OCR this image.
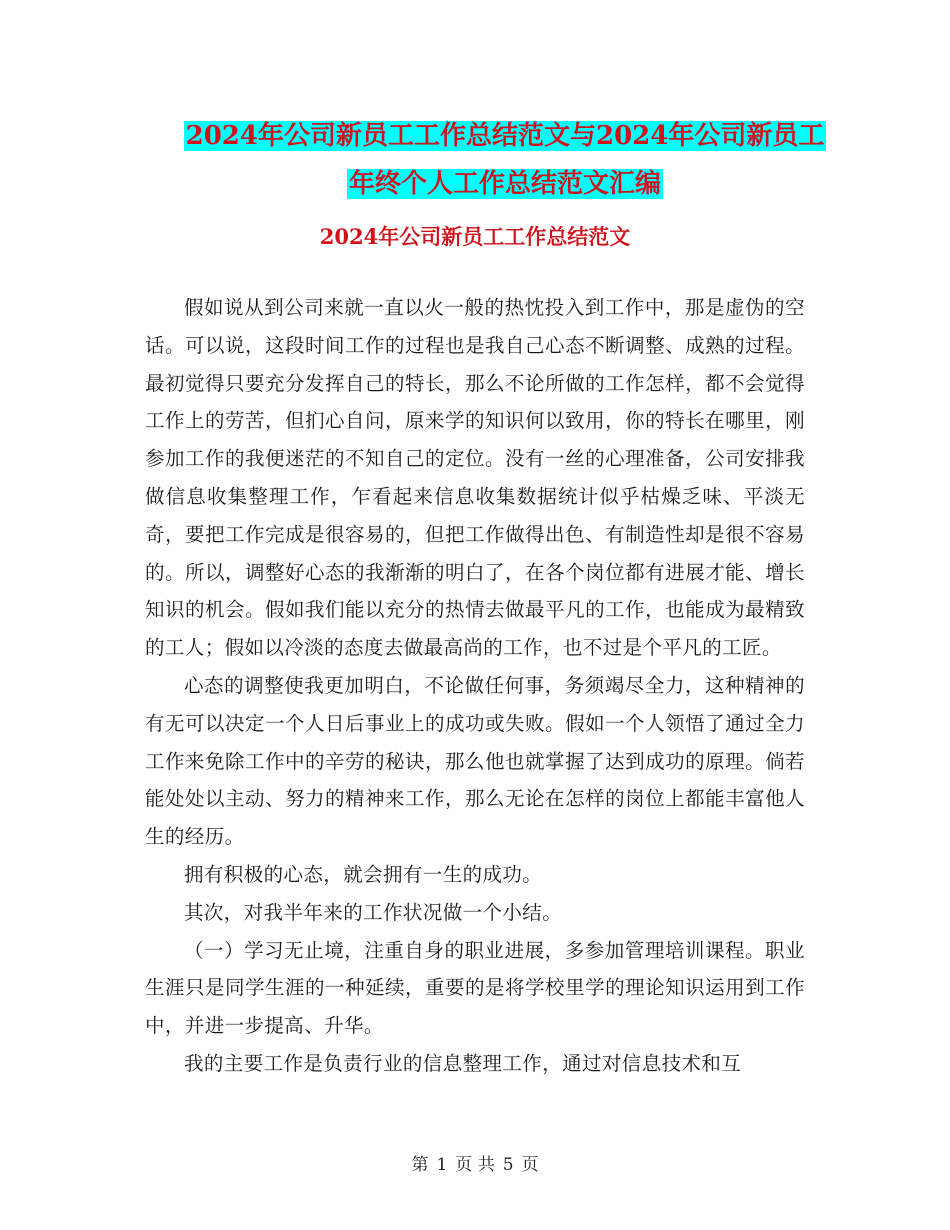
2024年公司新员工工作总结范文与2024年公司新员工
年终个人工作总结范文汇编
2024年公司新员工工作总结范文

假如说从到公司来就一直以火一般的热忱投入到工作中，那是虚伪的空话。可以说，这段时间工作的过程也是我自己心态不断调整、成熟的过程。最初觉得只要充分发挥自己的特长，那么不论所做的工作怎样，都不会觉得工作上的劳苦，但扪心自问，原来学的知识何以致用，你的特长在哪里，刚参加工作的我便迷茫的不知自己的定位。没有一丝的心理准备，公司安排我做信息收集整理工作，乍看起来信息收集数据统计似乎枯燥乏味、平淡无奇，要把工作完成是很容易的，但把工作做得出色、有制造性却是很不容易的。所以，调整好心态的我渐渐的明白了，在各个岗位都有进展才能、增长知识的机会。假如我们能以充分的热情去做最平凡的工作，也能成为最精致的工人；假如以冷淡的态度去做最高尚的工作，也不过是个平凡的工匠。

心态的调整使我更加明白，不论做任何事，务须竭尽全力，这种精神的有无可以决定一个人日后事业上的成功或失败。假如一个人领悟了通过全力工作来免除工作中的辛劳的秘诀，那么他也就掌握了达到成功的原理。倘若能处处以主动、努力的精神来工作，那么无论在怎样的岗位上都能丰富他人生的经历。

拥有积极的心态，就会拥有一生的成功。

其次，对我半年来的工作状况做一个小结。

（一）学习无止境，注重自身的职业进展，多参加管理培训课程。职业生涯只是同学生涯的一种延续，重要的是将学校里学的理论知识运用到工作中，并进一步提高、升华。

我的主要工作是负责行业的信息整理工作，通过对信息技术和互

第 1 页 共 5 页
